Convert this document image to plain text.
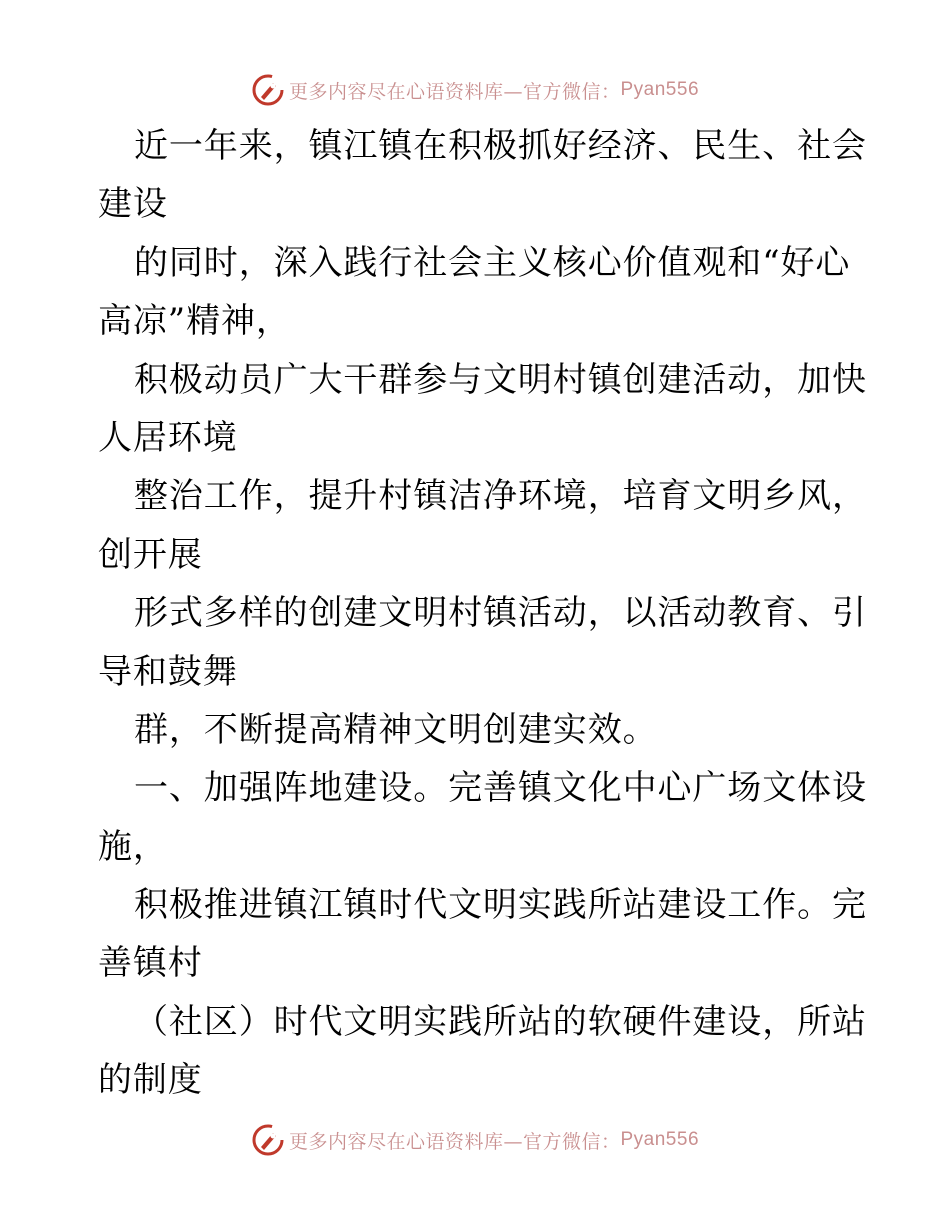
更多内容尽在心语资料库—官方微信： Pyan556
近一年来，镇江镇在积极抓好经济、民生、社会
建设
的同时，深入践行社会主义核心价值观和“好心
高凉”精神，
积极动员广大干群参与文明村镇创建活动，加快
人居环境
整治工作，提升村镇洁净环境，培育文明乡风，
创开展
形式多样的创建文明村镇活动，以活动教育、引
导和鼓舞
群，不断提高精神文明创建实效。
一、加强阵地建设。完善镇文化中心广场文体设
施，
积极推进镇江镇时代文明实践所站建设工作。完
善镇村
（社区）时代文明实践所站的软硬件建设，所站
的制度
更多内容尽在心语资料库—官方微信： Pyan556
